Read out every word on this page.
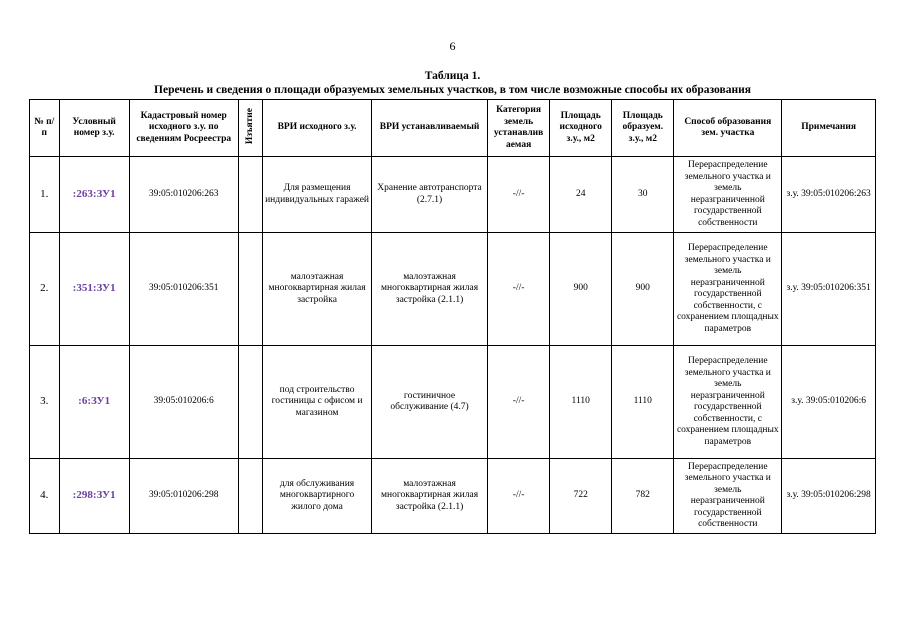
6
Таблица 1.
Перечень и сведения о площади образуемых земельных участков, в том числе возможные способы их образования
№ п/п	Условный номер з.у.	Кадастровый номер исходного з.у. по сведениям Росреестра	Изъятие	ВРИ исходного з.у.	ВРИ устанавливаемый	Категория земель устанавлив аемая	Площадь исходного з.у., м2	Площадь образуем. з.у., м2	Способ образования зем. участка	Примечания
1.	:263:ЗУ1	39:05:010206:263		Для размещения индивидуальных гаражей	Хранение автотранспорта (2.7.1)	-//-	24	30	Перераспределение земельного участка и земель неразграниченной государственной собственности	з.у. 39:05:010206:263
2.	:351:ЗУ1	39:05:010206:351		малоэтажная многоквартирная жилая застройка	малоэтажная многоквартирная жилая застройка (2.1.1)	-//-	900	900	Перераспределение земельного участка и земель неразграниченной государственной собственности, с сохранением площадных параметров	з.у. 39:05:010206:351
3.	:6:ЗУ1	39:05:010206:6		под строительство гостиницы с офисом и магазином	гостиничное обслуживание (4.7)	-//-	1110	1110	Перераспределение земельного участка и земель неразграниченной государственной собственности, с сохранением площадных параметров	з.у. 39:05:010206:6
4.	:298:ЗУ1	39:05:010206:298		для обслуживания многоквартирного жилого дома	малоэтажная многоквартирная жилая застройка (2.1.1)	-//-	722	782	Перераспределение земельного участка и земель неразграниченной государственной собственности	з.у. 39:05:010206:298
